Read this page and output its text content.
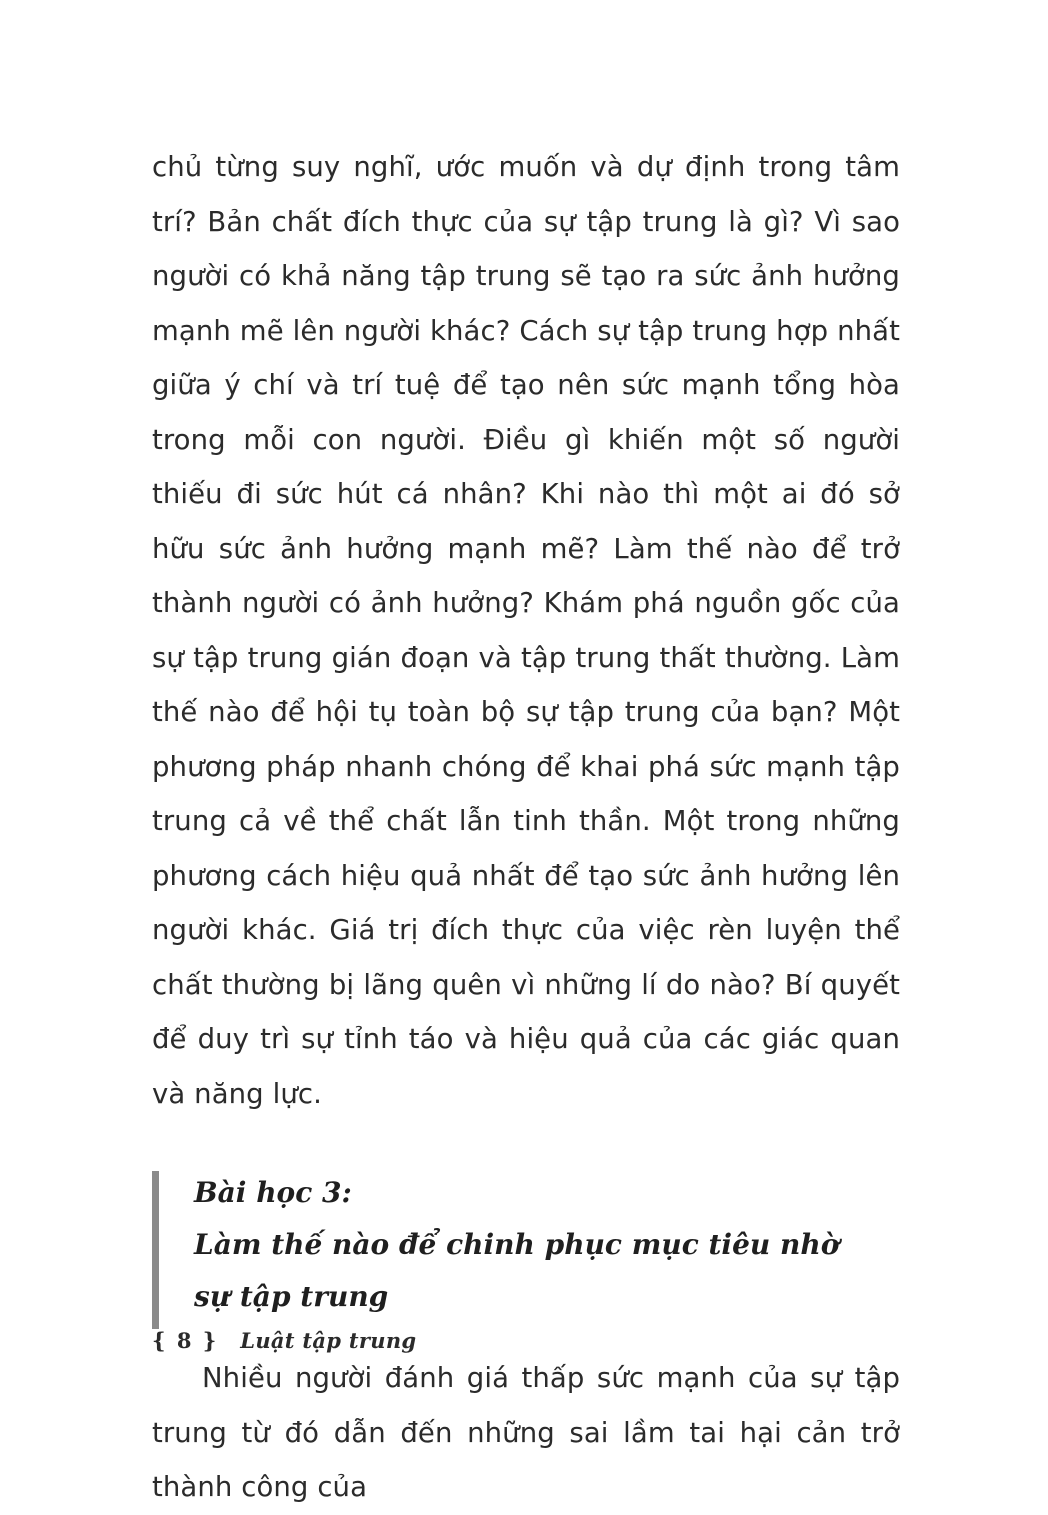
chủ từng suy nghĩ, ước muốn và dự định trong tâm trí? Bản chất đích thực của sự tập trung là gì? Vì sao người có khả năng tập trung sẽ tạo ra sức ảnh hưởng mạnh mẽ lên người khác? Cách sự tập trung hợp nhất giữa ý chí và trí tuệ để tạo nên sức mạnh tổng hòa trong mỗi con người. Điều gì khiến một số người thiếu đi sức hút cá nhân? Khi nào thì một ai đó sở hữu sức ảnh hưởng mạnh mẽ? Làm thế nào để trở thành người có ảnh hưởng? Khám phá nguồn gốc của sự tập trung gián đoạn và tập trung thất thường. Làm thế nào để hội tụ toàn bộ sự tập trung của bạn? Một phương pháp nhanh chóng để khai phá sức mạnh tập trung cả về thể chất lẫn tinh thần. Một trong những phương cách hiệu quả nhất để tạo sức ảnh hưởng lên người khác. Giá trị đích thực của việc rèn luyện thể chất thường bị lãng quên vì những lí do nào? Bí quyết để duy trì sự tỉnh táo và hiệu quả của các giác quan và năng lực.

Bài học 3:
Làm thế nào để chinh phục mục tiêu nhờ
sự tập trung

Nhiều người đánh giá thấp sức mạnh của sự tập trung từ đó dẫn đến những sai lầm tai hại cản trở thành công của

{ 8 } Luật tập trung
